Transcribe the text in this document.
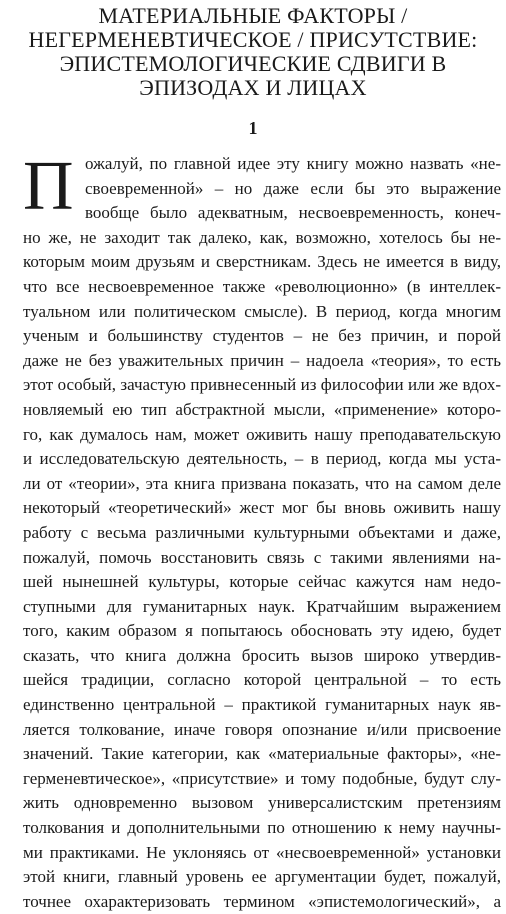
МАТЕРИАЛЬНЫЕ ФАКТОРЫ /
НЕГЕРМЕНЕВТИЧЕСКОЕ / ПРИСУТСТВИЕ:
ЭПИСТЕМОЛОГИЧЕСКИЕ СДВИГИ В
ЭПИЗОДАХ И ЛИЦАХ
1
П ожалуй, по главной идее эту книгу можно назвать «не-
своевременной» – но даже если бы это выражение
вообще было адекватным, несвоевременность, конеч-
но же, не заходит так далеко, как, возможно, хотелось бы не-
которым моим друзьям и сверстникам. Здесь не имеется в виду,
что все несвоевременное также «революционно» (в интеллек-
туальном или политическом смысле). В период, когда многим
ученым и большинству студентов – не без причин, и порой
даже не без уважительных причин – надоела «теория», то есть
этот особый, зачастую привнесенный из философии или же вдох-
новляемый ею тип абстрактной мысли, «применение» которо-
го, как думалось нам, может оживить нашу преподавательскую
и исследовательскую деятельность, – в период, когда мы уста-
ли от «теории», эта книга призвана показать, что на самом деле
некоторый «теоретический» жест мог бы вновь оживить нашу
работу с весьма различными культурными объектами и даже,
пожалуй, помочь восстановить связь с такими явлениями на-
шей нынешней культуры, которые сейчас кажутся нам недо-
ступными для гуманитарных наук. Кратчайшим выражением
того, каким образом я попытаюсь обосновать эту идею, будет
сказать, что книга должна бросить вызов широко утвердив-
шейся традиции, согласно которой центральной – то есть
единственно центральной – практикой гуманитарных наук яв-
ляется толкование, иначе говоря опознание и/или присвоение
значений. Такие категории, как «материальные факторы», «не-
герменевтическое», «присутствие» и тому подобные, будут слу-
жить одновременно вызовом универсалистским претензиям
толкования и дополнительными по отношению к нему научны-
ми практиками. Не уклоняясь от «несвоевременной» установки
этой книги, главный уровень ее аргументации будет, пожалуй,
точнее охарактеризовать термином «эпистемологический», а
